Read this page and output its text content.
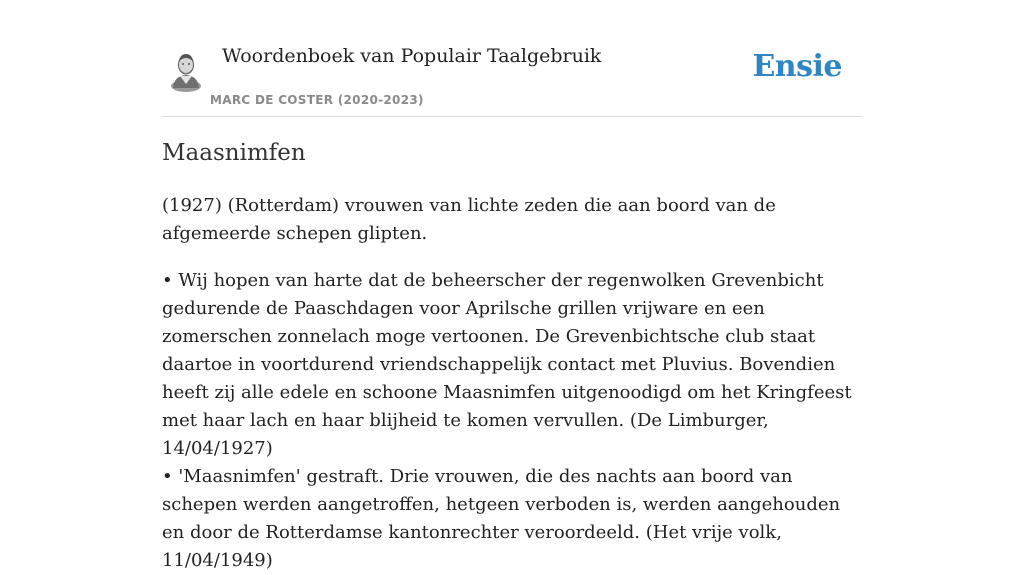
Woordenboek van Populair Taalgebruik
MARC DE COSTER (2020-2023)
Ensie
Maasnimfen

(1927) (Rotterdam) vrouwen van lichte zeden die aan boord van de afgemeerde schepen glipten.

• Wij hopen van harte dat de beheerscher der regenwolken Grevenbicht gedurende de Paaschdagen voor Aprilsche grillen vrijware en een zomerschen zonnelach moge vertoonen. De Grevenbichtsche club staat daartoe in voortdurend vriendschappelijk contact met Pluvius. Bovendien heeft zij alle edele en schoone Maasnimfen uitgenoodigd om het Kringfeest met haar lach en haar blijheid te komen vervullen. (De Limburger, 14/04/1927)

• 'Maasnimfen' gestraft. Drie vrouwen, die des nachts aan boord van schepen werden aangetroffen, hetgeen verboden is, werden aangehouden en door de Rotterdamse kantonrechter veroordeeld. (Het vrije volk, 11/04/1949)
